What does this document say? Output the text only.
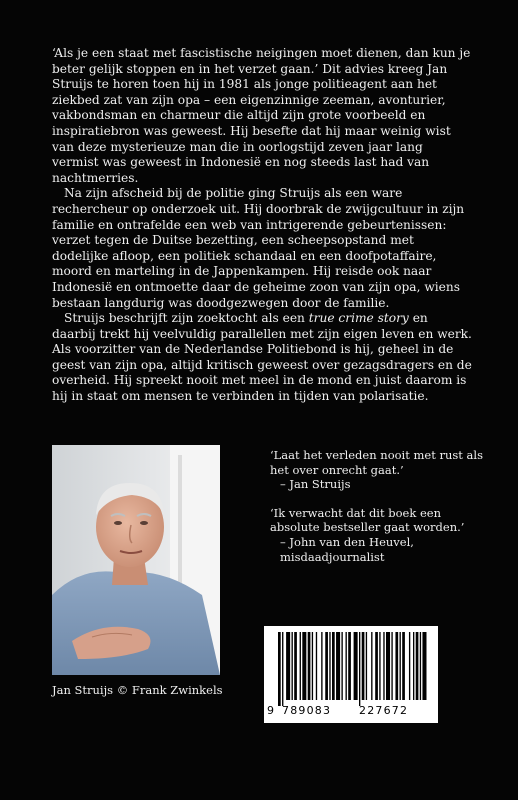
‘Als je een staat met fascistische neigingen moet dienen, dan kun je beter gelijk stoppen en in het verzet gaan.’ Dit advies kreeg Jan Struijs te horen toen hij in 1981 als jonge politieagent aan het ziekbed zat van zijn opa – een eigenzinnige zeeman, avonturier, vakbondsman en charmeur die altijd zijn grote voorbeeld en inspiratiebron was geweest. Hij besefte dat hij maar weinig wist van deze mysterieuze man die in oorlogstijd zeven jaar lang vermist was geweest in Indonesië en nog steeds last had van nachtmerries.

Na zijn afscheid bij de politie ging Struijs als een ware rechercheur op onderzoek uit. Hij doorbrak de zwijgcultuur in zijn familie en ontrafelde een web van intrigerende gebeurtenissen: verzet tegen de Duitse bezetting, een scheepsopstand met dodelijke afloop, een politiek schandaal en een doofpotaffaire, moord en marteling in de Jappenkampen. Hij reisde ook naar Indonesië en ontmoette daar de geheime zoon van zijn opa, wiens bestaan langdurig was doodgezwegen door de familie.

Struijs beschrijft zijn zoektocht als een true crime story en daarbij trekt hij veelvuldig parallellen met zijn eigen leven en werk. Als voorzitter van de Nederlandse Politiebond is hij, geheel in de geest van zijn opa, altijd kritisch geweest over gezagsdragers en de overheid. Hij spreekt nooit met meel in de mond en juist daarom is hij in staat om mensen te verbinden in tijden van polarisatie.

Jan Struijs © Frank Zwinkels
‘Laat het verleden nooit met rust als het over onrecht gaat.’
– Jan Struijs
‘Ik verwacht dat dit boek een absolute bestseller gaat worden.’
– John van den Heuvel, misdaadjournalist
9 789083	227672
